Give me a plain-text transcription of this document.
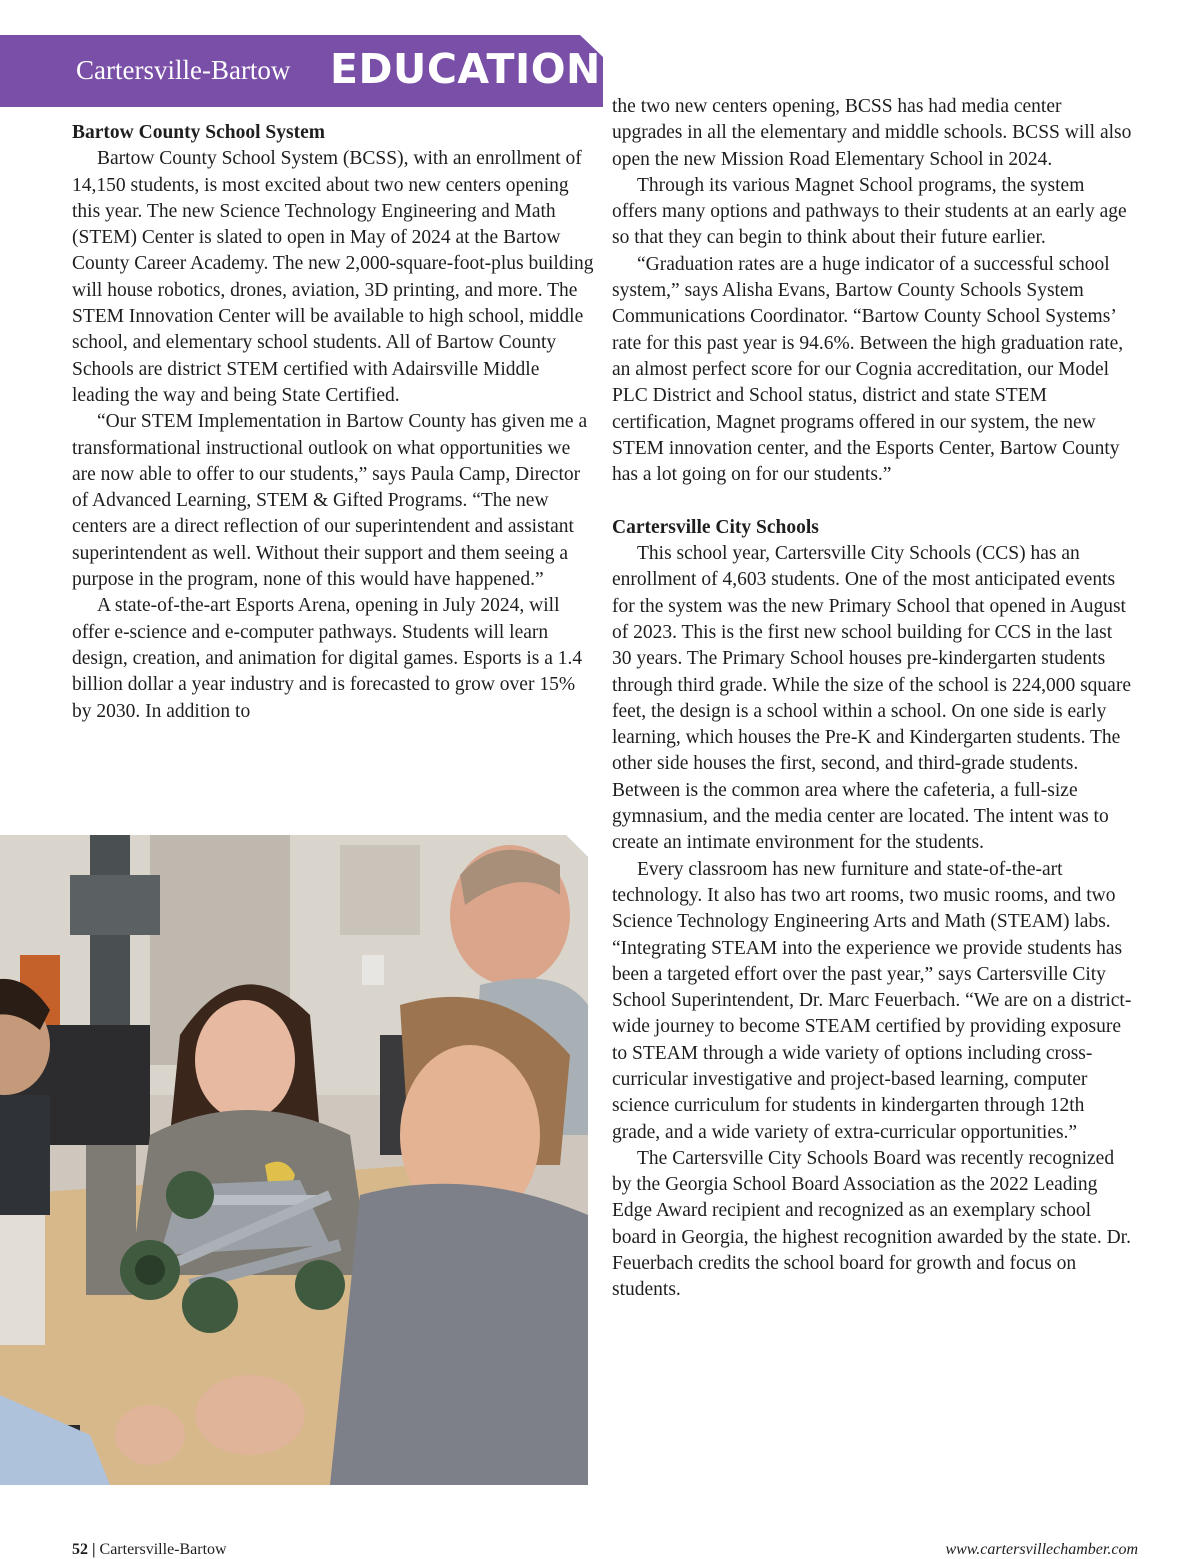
Cartersville-Bartow EDUCATION
Bartow County School System

Bartow County School System (BCSS), with an enrollment of 14,150 students, is most excited about two new centers opening this year. The new Science Technology Engineering and Math (STEM) Center is slated to open in May of 2024 at the Bartow County Career Academy. The new 2,000-square-foot-plus building will house robotics, drones, aviation, 3D printing, and more. The STEM Innovation Center will be available to high school, middle school, and elementary school students. All of Bartow County Schools are district STEM certified with Adairsville Middle leading the way and being State Certified.

“Our STEM Implementation in Bartow County has given me a transformational instructional outlook on what opportunities we are now able to offer to our students,” says Paula Camp, Director of Advanced Learning, STEM & Gifted Programs. “The new centers are a direct reflection of our superintendent and assistant superintendent as well. Without their support and them seeing a purpose in the program, none of this would have happened.”

A state-of-the-art Esports Arena, opening in July 2024, will offer e-science and e-computer pathways. Students will learn design, creation, and animation for digital games. Esports is a 1.4 billion dollar a year industry and is forecasted to grow over 15% by 2030. In addition to

the two new centers opening, BCSS has had media center upgrades in all the elementary and middle schools. BCSS will also open the new Mission Road Elementary School in 2024.

Through its various Magnet School programs, the system offers many options and pathways to their students at an early age so that they can begin to think about their future earlier.

“Graduation rates are a huge indicator of a successful school system,” says Alisha Evans, Bartow County Schools System Communications Coordinator. “Bartow County School Systems’ rate for this past year is 94.6%. Between the high graduation rate, an almost perfect score for our Cognia accreditation, our Model PLC District and School status, district and state STEM certification, Magnet programs offered in our system, the new STEM innovation center, and the Esports Center, Bartow County has a lot going on for our students.”

Cartersville City Schools

This school year, Cartersville City Schools (CCS) has an enrollment of 4,603 students. One of the most anticipated events for the system was the new Primary School that opened in August of 2023. This is the first new school building for CCS in the last 30 years. The Primary School houses pre-kindergarten students through third grade. While the size of the school is 224,000 square feet, the design is a school within a school. On one side is early learning, which houses the Pre-K and Kindergarten students. The other side houses the first, second, and third-grade students. Between is the common area where the cafeteria, a full-size gymnasium, and the media center are located. The intent was to create an intimate environment for the students.

Every classroom has new furniture and state-of-the-art technology. It also has two art rooms, two music rooms, and two Science Technology Engineering Arts and Math (STEAM) labs. “Integrating STEAM into the experience we provide students has been a targeted effort over the past year,” says Cartersville City School Superintendent, Dr. Marc Feuerbach. “We are on a district-wide journey to become STEAM certified by providing exposure to STEAM through a wide variety of options including cross-curricular investigative and project-based learning, computer science curriculum for students in kindergarten through 12th grade, and a wide variety of extra-curricular opportunities.”

The Cartersville City Schools Board was recently recognized by the Georgia School Board Association as the 2022 Leading Edge Award recipient and recognized as an exemplary school board in Georgia, the highest recognition awarded by the state. Dr. Feuerbach credits the school board for growth and focus on students.

52 | Cartersville-Bartow	www.cartersvillechamber.com
